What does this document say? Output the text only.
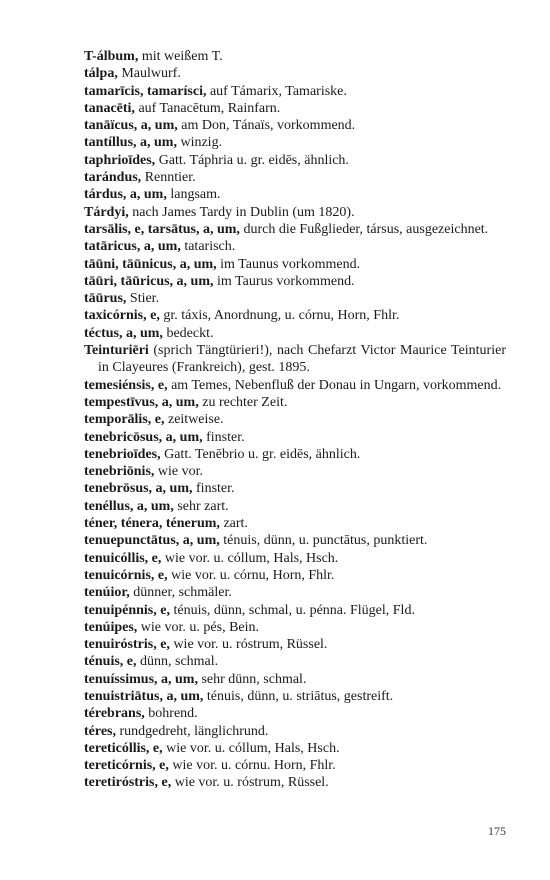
T-álbum, mit weißem T.

tálpa, Maulwurf.

tamarīcis, tamarísci, auf Támarix, Tamariske.

tanacēti, auf Tanacētum, Rainfarn.

tanāïcus, a, um, am Don, Tánaïs, vorkommend.

tantíllus, a, um, winzig.

taphrioīdes, Gatt. Táphria u. gr. eidēs, ähnlich.

tarándus, Renntier.

tárdus, a, um, langsam.

Tárdyi, nach James Tardy in Dublin (um 1820).

tarsālis, e, tarsātus, a, um, durch die Fußglieder, társus, ausgezeichnet.

tatāricus, a, um, tatarisch.

tāūni, tāūnicus, a, um, im Taunus vorkommend.

tāūri, tāūricus, a, um, im Taurus vorkommend.

tāūrus, Stier.

taxicórnis, e, gr. táxis, Anordnung, u. córnu, Horn, Fhlr.

téctus, a, um, bedeckt.

Teinturiēri (sprich Tängtürieri!), nach Chefarzt Victor Maurice Teinturier in Clayeures (Frankreich), gest. 1895.

temesiénsis, e, am Temes, Nebenfluß der Donau in Ungarn, vorkommend.

tempestīvus, a, um, zu rechter Zeit.

temporālis, e, zeitweise.

tenebricōsus, a, um, finster.

tenebrioīdes, Gatt. Tenēbrio u. gr. eidēs, ähnlich.

tenebriōnis, wie vor.

tenebrōsus, a, um, finster.

tenéllus, a, um, sehr zart.

téner, ténera, ténerum, zart.

tenuepunctātus, a, um, ténuis, dünn, u. punctātus, punktiert.

tenuicóllis, e, wie vor. u. cóllum, Hals, Hsch.

tenuicórnis, e, wie vor. u. córnu, Horn, Fhlr.

tenúior, dünner, schmäler.

tenuipénnis, e, ténuis, dünn, schmal, u. pénna. Flügel, Fld.

tenúipes, wie vor. u. pés, Bein.

tenuiróstris, e, wie vor. u. róstrum, Rüssel.

ténuis, e, dünn, schmal.

tenuíssimus, a, um, sehr dünn, schmal.

tenuistriātus, a, um, ténuis, dünn, u. striātus, gestreift.

térebrans, bohrend.

téres, rundgedreht, länglichrund.

tereticóllis, e, wie vor. u. cóllum, Hals, Hsch.

tereticórnis, e, wie vor. u. córnu. Horn, Fhlr.

teretiróstris, e, wie vor. u. róstrum, Rüssel.

175
